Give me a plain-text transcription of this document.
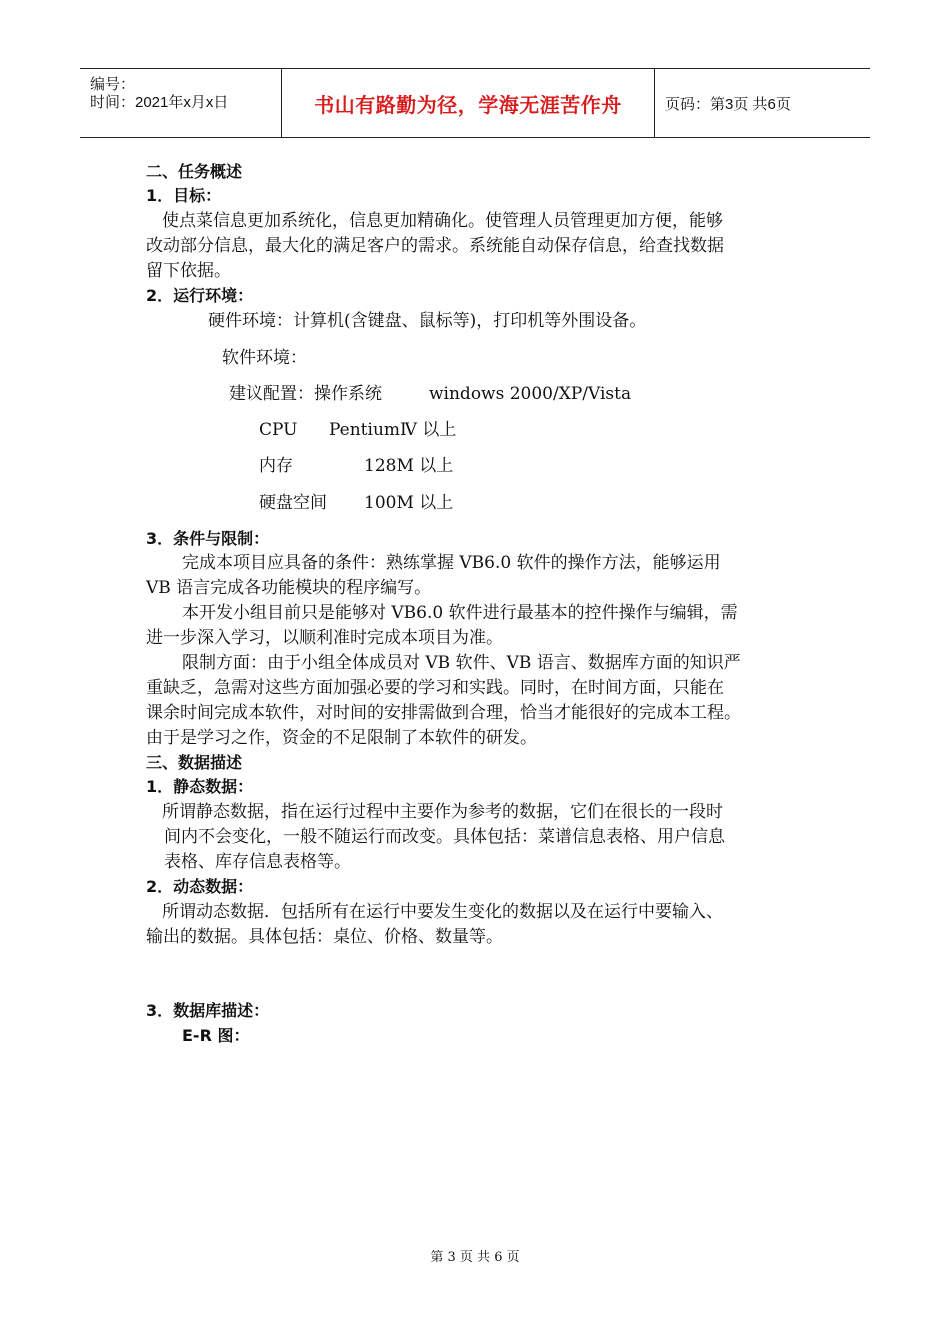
编号：
时间：2021年x月x日	书山有路勤为径，学海无涯苦作舟	页码：第3页 共6页
二、任务概述
1．目标：
使点菜信息更加系统化，信息更加精确化。使管理人员管理更加方便，能够
改动部分信息，最大化的满足客户的需求。系统能自动保存信息，给查找数据
留下依据。
2．运行环境：
硬件环境：计算机(含键盘、鼠标等)，打印机等外围设备。
软件环境：
建议配置：操作系统	windows 2000/XP/Vista
CPU PentiumⅣ 以上
内存	128M 以上
硬盘空间 100M 以上
3．条件与限制：
完成本项目应具备的条件：熟练掌握 VB6.0 软件的操作方法，能够运用
VB 语言完成各功能模块的程序编写。
本开发小组目前只是能够对 VB6.0 软件进行最基本的控件操作与编辑，需
进一步深入学习，以顺利准时完成本项目为准。
限制方面：由于小组全体成员对 VB 软件、VB 语言、数据库方面的知识严
重缺乏，急需对这些方面加强必要的学习和实践。同时，在时间方面，只能在
课余时间完成本软件，对时间的安排需做到合理，恰当才能很好的完成本工程。
由于是学习之作，资金的不足限制了本软件的研发。
三、数据描述
1．静态数据：
所谓静态数据，指在运行过程中主要作为参考的数据，它们在很长的一段时
间内不会变化，一般不随运行而改变。具体包括：菜谱信息表格、用户信息
表格、库存信息表格等。
2．动态数据：
所谓动态数据．包括所有在运行中要发生变化的数据以及在运行中要输入、
输出的数据。具体包括：桌位、价格、数量等。
3．数据库描述：
E-R 图：
第 3 页 共 6 页
